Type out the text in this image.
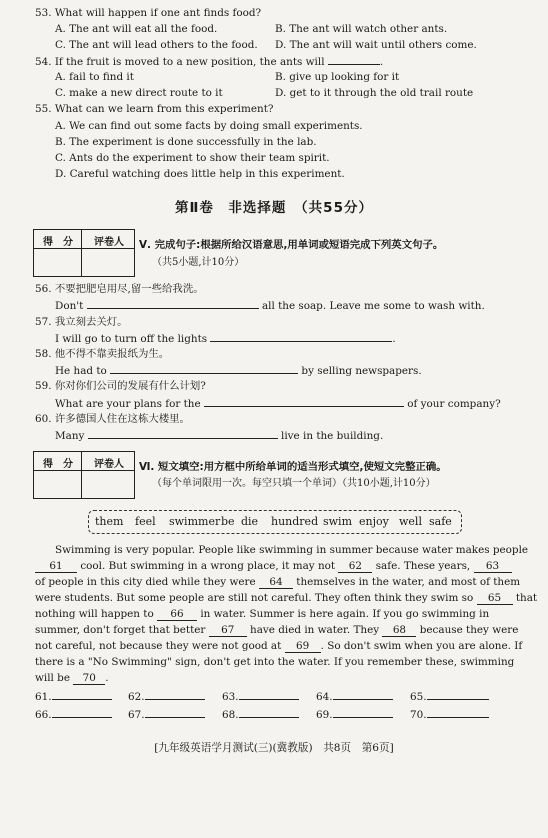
53. What will happen if one ant finds food?
A. The ant will eat all the food.	B. The ant will watch other ants.
C. The ant will lead others to the food. D. The ant will wait until others come.
54. If the fruit is moved to a new position, the ants will	.
A. fail to find it	B. give up looking for it
C. make a new direct route to it	D. get to it through the old trail route
55. What can we learn from this experiment?
A. We can find out some facts by doing small experiments.
B. The experiment is done successfully in the lab.
C. Ants do the experiment to show their team spirit.
D. Careful watching does little help in this experiment.
第Ⅱ卷　非选择题　（共55分）
得　分	评卷人	Ⅴ. 完成句子:根据所给汉语意思,用单词或短语完成下列英文句子。
（共5小题,计10分）
56. 不要把肥皂用尽,留一些给我洗。
Don't	all the soap. Leave me some to wash with.
57. 我立刻去关灯。
I will go to turn off the lights	.
58. 他不得不靠卖报纸为生。
He had to	by selling newspapers.
59. 你对你们公司的发展有什么计划?
What are your plans for the	of your company?
60. 许多德国人住在这栋大楼里。
Many	live in the building.
得　分	评卷人	Ⅵ. 短文填空:用方框中所给单词的适当形式填空,使短文完整正确。
（每个单词限用一次。每空只填一个单词）（共10小题,计10分）
them feel swimmer be die hundred swim enjoy well safe
Swimming is very popular. People like swimming in summer because water makes people
61 cool. But swimming in a wrong place, it may not 62 safe. These years, 63
of people in this city died while they were 64 themselves in the water, and most of them
were students. But some people are still not careful. They often think they swim so 65 that
nothing will happen to 66 in water. Summer is here again. If you go swimming in
summer, don't forget that better 67 have died in water. They 68 because they were
not careful, not because they were not good at 69 . So don't swim when you are alone. If
there is a "No Swimming" sign, don't get into the water. If you remember these, swimming
will be 70 .
61.	62.	63.	64.	65.
66.	67.	68.	69.	70.
[九年级英语学月测试(三)(冀教版)　共8页　第6页]
